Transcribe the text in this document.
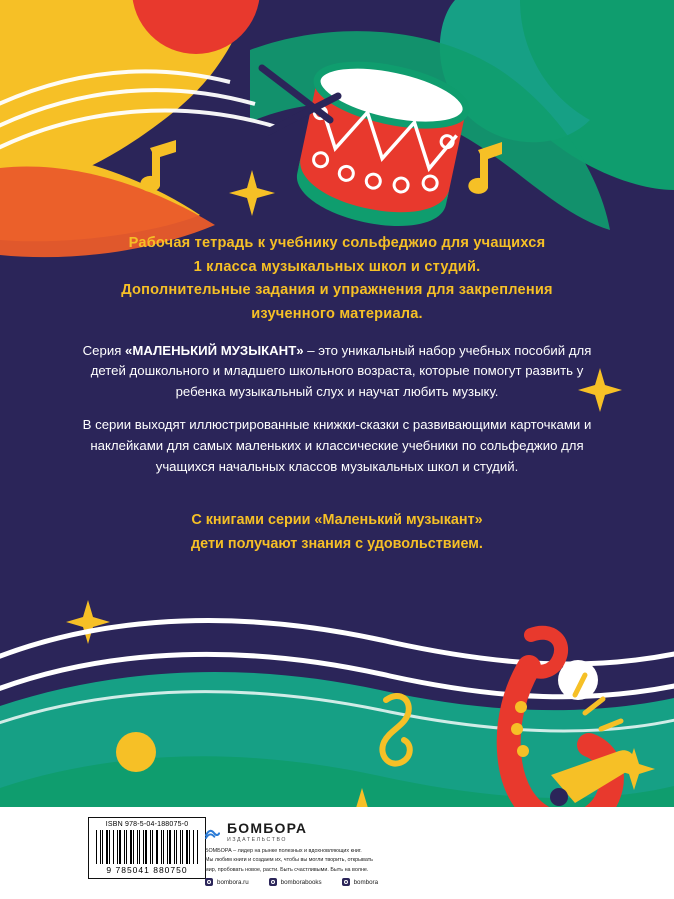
Рабочая тетрадь к учебнику сольфеджио для учащихся
1 класса музыкальных школ и студий.
Дополнительные задания и упражнения для закрепления
изученного материала.

Серия «МАЛЕНЬКИЙ МУЗЫКАНТ» – это уникальный набор учебных пособий для детей дошкольного и младшего школьного возраста, которые помогут развить у ребенка музыкальный слух и научат любить музыку.

В серии выходят иллюстрированные книжки-сказки с развивающими карточками и наклейками для самых маленьких и классические учебники по сольфеджио для учащихся начальных классов музыкальных школ и студий.

С книгами серии «Маленький музыкант»
дети получают знания с удовольствием.

ISBN 978-5-04-188075-0
9 785041 880750
БОМБОРА
ИЗДАТЕЛЬСТВО
БОМБОРА – лидер на рынке полезных и вдохновляющих книг.
Мы любим книги и создаем их, чтобы вы могли творить, открывать
мир, пробовать новое, расти. Быть счастливыми. Быть на волне.
bombora.ru	bomborabooks	bombora
